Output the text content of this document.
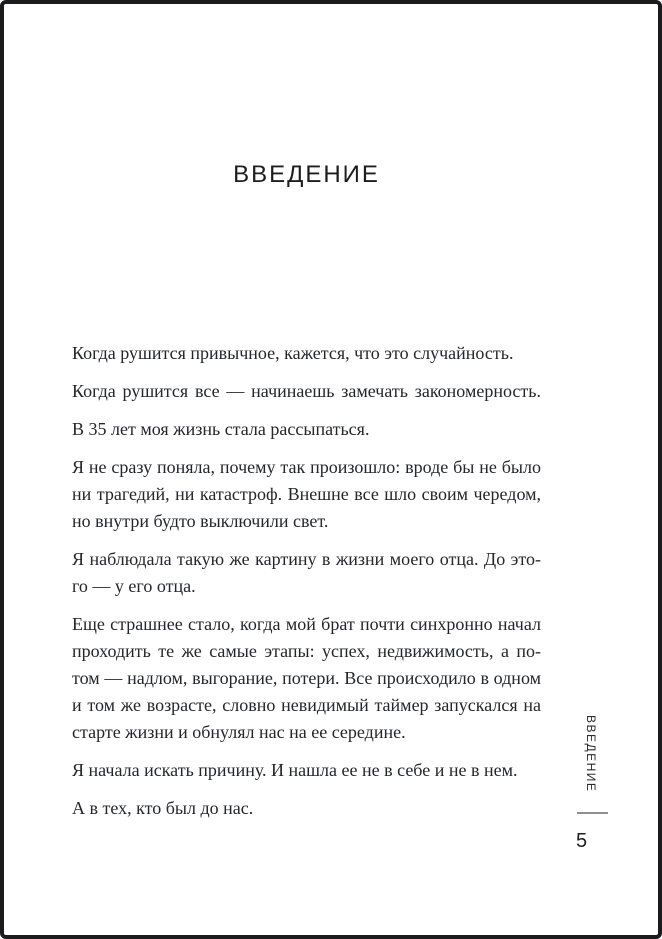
ВВЕДЕНИЕ
Когда рушится привычное, кажется, что это случайность.
Когда рушится все — начинаешь замечать закономерность.
В 35 лет моя жизнь стала рассыпаться.
Я не сразу поняла, почему так произошло: вроде бы не было
ни трагедий, ни катастроф. Внешне все шло своим чередом,
но внутри будто выключили свет.
Я наблюдала такую же картину в жизни моего отца. До это-
го — у его отца.
Еще страшнее стало, когда мой брат почти синхронно начал
проходить те же самые этапы: успех, недвижимость, а по-
том — надлом, выгорание, потери. Все происходило в одном
и том же возрасте, словно невидимый таймер запускался на
старте жизни и обнулял нас на ее середине.
Я начала искать причину. И нашла ее не в себе и не в нем.
А в тех, кто был до нас.
ВВЕДЕНИЕ
5
